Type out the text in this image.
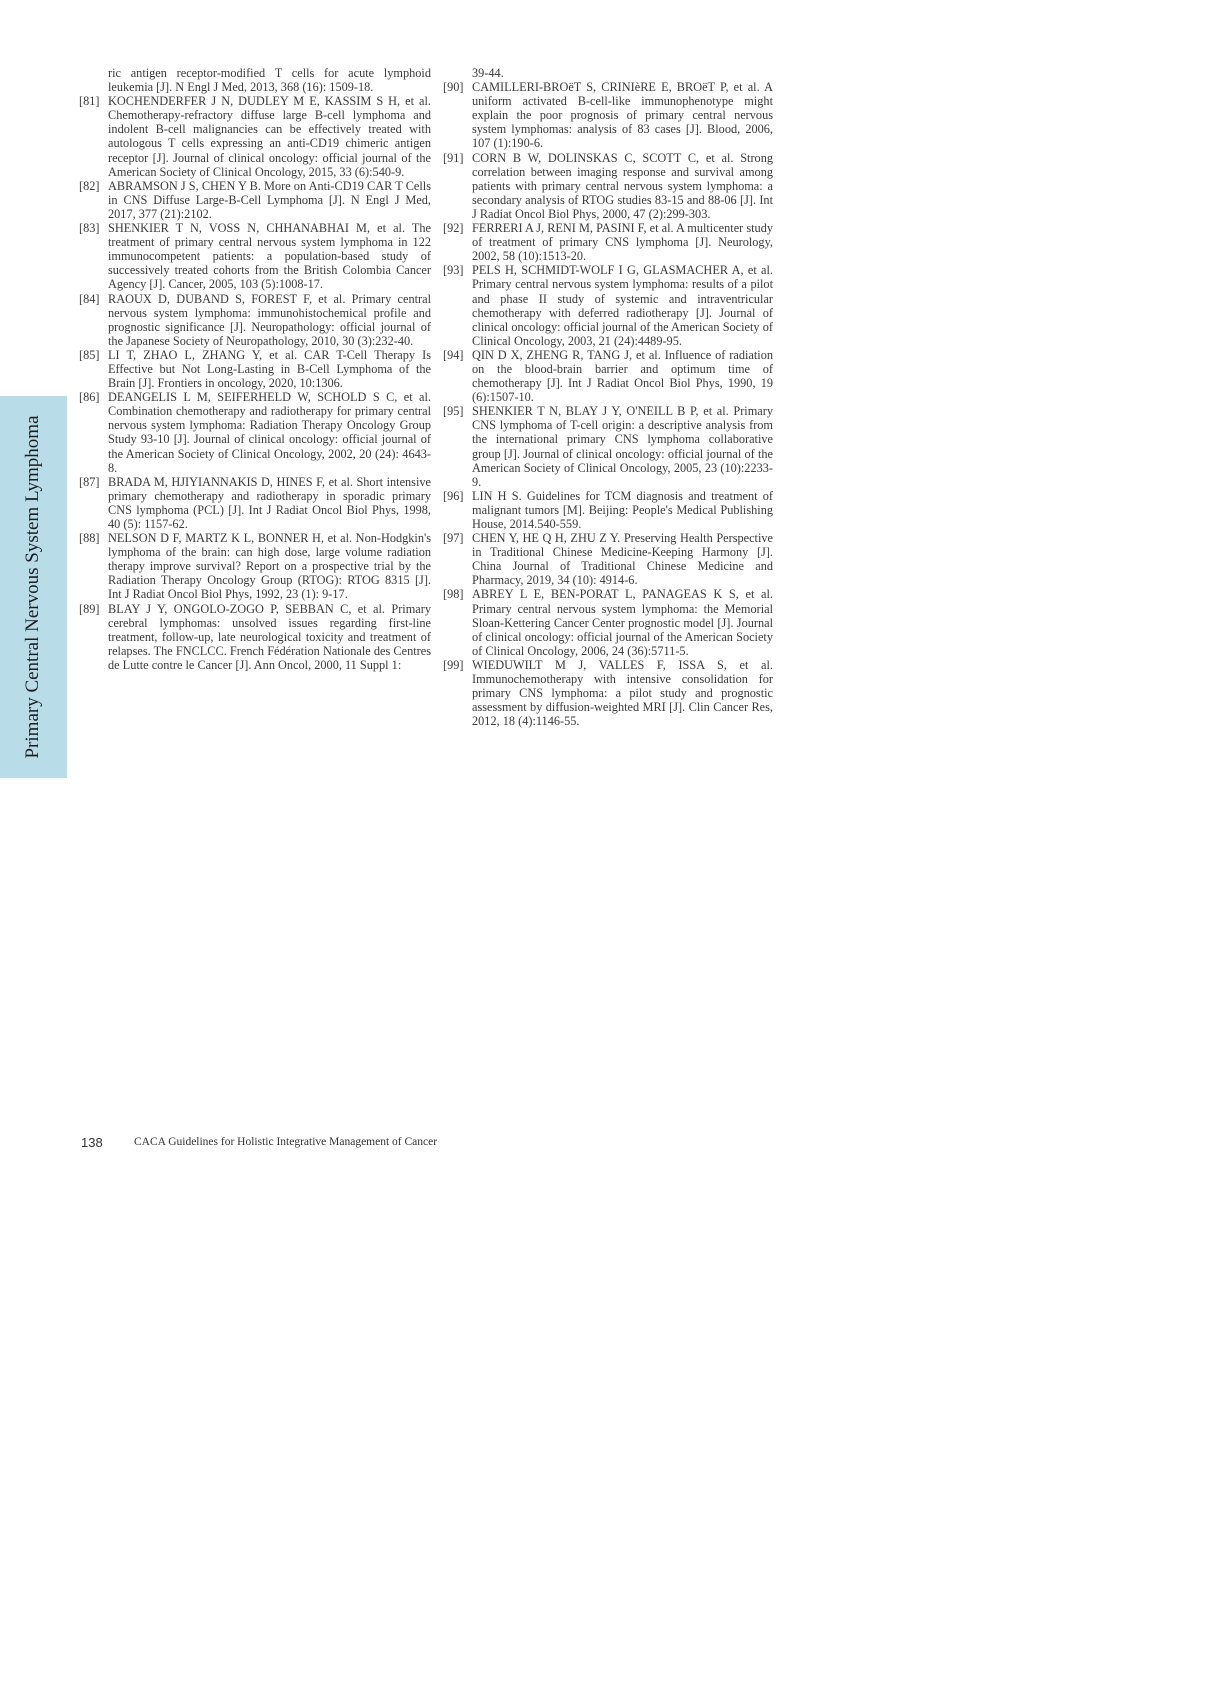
Primary Central Nervous System Lymphoma
ric antigen receptor-modified T cells for acute lymphoid leukemia [J]. N Engl J Med, 2013, 368 (16): 1509-18.
[81] KOCHENDERFER J N, DUDLEY M E, KASSIM S H, et al. Chemotherapy-refractory diffuse large B-cell lymphoma and indolent B-cell malignancies can be effectively treated with autologous T cells expressing an anti-CD19 chimeric antigen receptor [J]. Journal of clinical oncology: official journal of the American Society of Clinical Oncology, 2015, 33 (6):540-9.
[82] ABRAMSON J S, CHEN Y B. More on Anti-CD19 CAR T Cells in CNS Diffuse Large-B-Cell Lymphoma [J]. N Engl J Med, 2017, 377 (21):2102.
[83] SHENKIER T N, VOSS N, CHHANABHAI M, et al. The treatment of primary central nervous system lymphoma in 122 immunocompetent patients: a population-based study of successively treated cohorts from the British Colombia Cancer Agency [J]. Cancer, 2005, 103 (5):1008-17.
[84] RAOUX D, DUBAND S, FOREST F, et al. Primary central nervous system lymphoma: immunohistochemical profile and prognostic significance [J]. Neuropathology: official journal of the Japanese Society of Neuropathology, 2010, 30 (3):232-40.
[85] LI T, ZHAO L, ZHANG Y, et al. CAR T-Cell Therapy Is Effective but Not Long-Lasting in B-Cell Lymphoma of the Brain [J]. Frontiers in oncology, 2020, 10:1306.
[86] DEANGELIS L M, SEIFERHELD W, SCHOLD S C, et al. Combination chemotherapy and radiotherapy for primary central nervous system lymphoma: Radiation Therapy Oncology Group Study 93-10 [J]. Journal of clinical oncology: official journal of the American Society of Clinical Oncology, 2002, 20 (24): 4643-8.
[87] BRADA M, HJIYIANNAKIS D, HINES F, et al. Short intensive primary chemotherapy and radiotherapy in sporadic primary CNS lymphoma (PCL) [J]. Int J Radiat Oncol Biol Phys, 1998, 40 (5): 1157-62.
[88] NELSON D F, MARTZ K L, BONNER H, et al. Non-Hodgkin's lymphoma of the brain: can high dose, large volume radiation therapy improve survival? Report on a prospective trial by the Radiation Therapy Oncology Group (RTOG): RTOG 8315 [J]. Int J Radiat Oncol Biol Phys, 1992, 23 (1): 9-17.
[89] BLAY J Y, ONGOLO-ZOGO P, SEBBAN C, et al. Primary cerebral lymphomas: unsolved issues regarding first-line treatment, follow-up, late neurological toxicity and treatment of relapses. The FNCLCC. French Fédération Nationale des Centres de Lutte contre le Cancer [J]. Ann Oncol, 2000, 11 Suppl 1:
39-44.
[90] CAMILLERI-BROëT S, CRINIèRE E, BROëT P, et al. A uniform activated B-cell-like immunophenotype might explain the poor prognosis of primary central nervous system lymphomas: analysis of 83 cases [J]. Blood, 2006, 107 (1):190-6.
[91] CORN B W, DOLINSKAS C, SCOTT C, et al. Strong correlation between imaging response and survival among patients with primary central nervous system lymphoma: a secondary analysis of RTOG studies 83-15 and 88-06 [J]. Int J Radiat Oncol Biol Phys, 2000, 47 (2):299-303.
[92] FERRERI A J, RENI M, PASINI F, et al. A multicenter study of treatment of primary CNS lymphoma [J]. Neurology, 2002, 58 (10):1513-20.
[93] PELS H, SCHMIDT-WOLF I G, GLASMACHER A, et al. Primary central nervous system lymphoma: results of a pilot and phase II study of systemic and intraventricular chemotherapy with deferred radiotherapy [J]. Journal of clinical oncology: official journal of the American Society of Clinical Oncology, 2003, 21 (24):4489-95.
[94] QIN D X, ZHENG R, TANG J, et al. Influence of radiation on the blood-brain barrier and optimum time of chemotherapy [J]. Int J Radiat Oncol Biol Phys, 1990, 19 (6):1507-10.
[95] SHENKIER T N, BLAY J Y, O'NEILL B P, et al. Primary CNS lymphoma of T-cell origin: a descriptive analysis from the international primary CNS lymphoma collaborative group [J]. Journal of clinical oncology: official journal of the American Society of Clinical Oncology, 2005, 23 (10):2233-9.
[96] LIN H S. Guidelines for TCM diagnosis and treatment of malignant tumors [M]. Beijing: People's Medical Publishing House, 2014.540-559.
[97] CHEN Y, HE Q H, ZHU Z Y. Preserving Health Perspective in Traditional Chinese Medicine-Keeping Harmony [J]. China Journal of Traditional Chinese Medicine and Pharmacy, 2019, 34 (10): 4914-6.
[98] ABREY L E, BEN-PORAT L, PANAGEAS K S, et al. Primary central nervous system lymphoma: the Memorial Sloan-Kettering Cancer Center prognostic model [J]. Journal of clinical oncology: official journal of the American Society of Clinical Oncology, 2006, 24 (36):5711-5.
[99] WIEDUWILT M J, VALLES F, ISSA S, et al. Immunochemotherapy with intensive consolidation for primary CNS lymphoma: a pilot study and prognostic assessment by diffusion-weighted MRI [J]. Clin Cancer Res, 2012, 18 (4):1146-55.
138	CACA Guidelines for Holistic Integrative Management of Cancer
